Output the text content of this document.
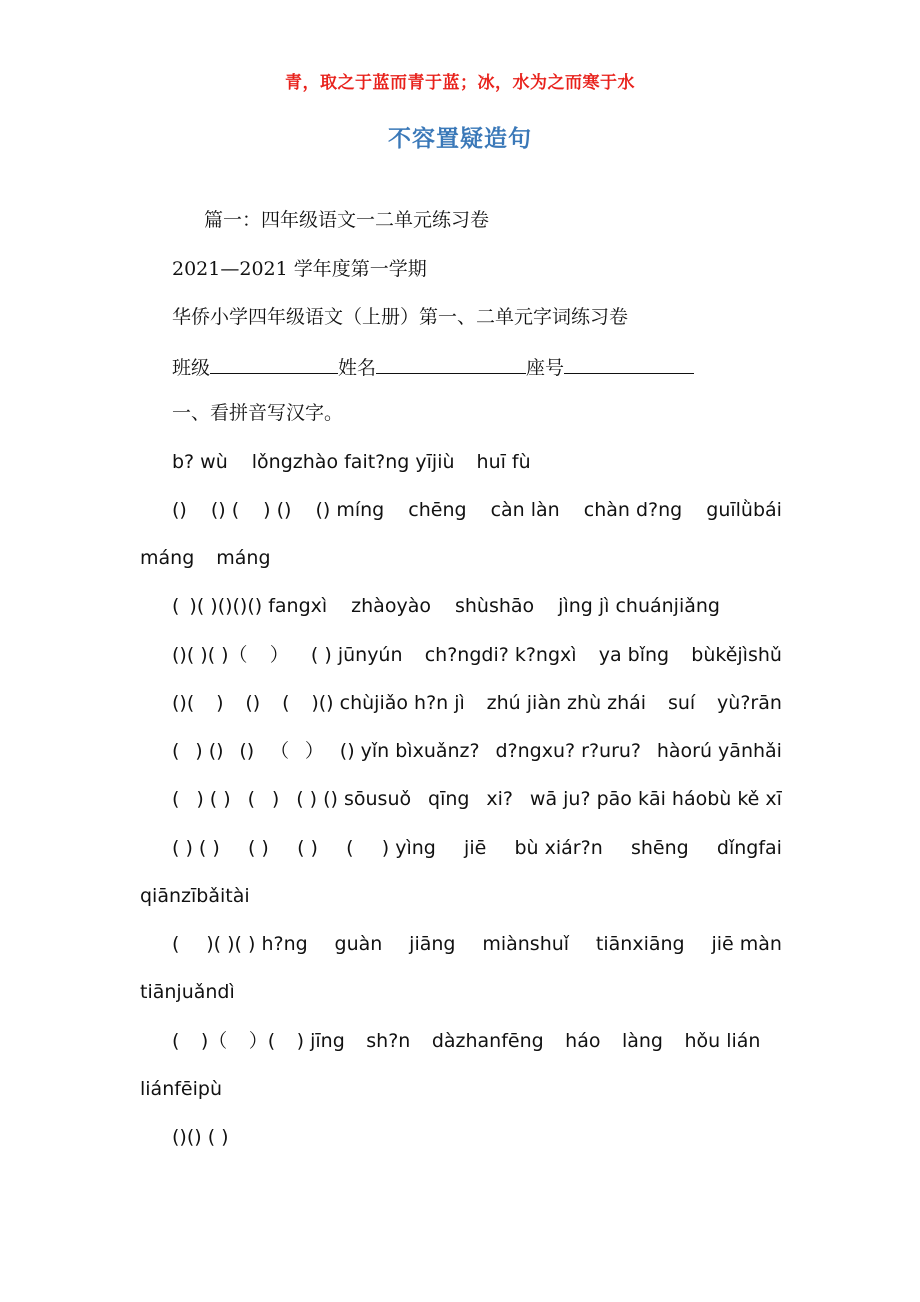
青，取之于蓝而青于蓝；冰，水为之而寒于水
不容置疑造句
篇一：四年级语文一二单元练习卷
2021—2021 学年度第一学期
华侨小学四年级语文（上册）第一、二单元字词练习卷
班级	姓名	座号
一、看拼音写汉字。
b? wù lǒngzhào fait?ng yījiù huī fù
() () ( ) () () míng chēng càn làn chàn d?ng guīlǜbái
máng máng
( )( )()()() fangxì zhàoyào shùshāo jìng jì chuánjiǎng
()( )( )（ ） ( ) jūnyún ch?ngdi? k?ngxì ya bǐng bùkějìshǔ
()( ) () ( )() chùjiǎo h?n jì zhú jiàn zhù zhái suí yù?rān
( ) () () （ ） () yǐn bìxuǎnz? d?ngxu? r?uru? hàorú yānhǎi
( ) ( ) ( ) ( ) () sōusuǒ qīng xi? wā ju? pāo kāi háobù kě xī
( ) ( ) ( ) ( ) ( ) yìng jiē bù xiár?n shēng dǐngfai
qiānzībǎitài
( )( )( ) h?ng guàn jiāng miànshuǐ tiānxiāng jiē màn
tiānjuǎndì
( )（ ）( ) jīng sh?n dàzhanfēng háo làng hǒu lián
liánfēipù
()() ( )
